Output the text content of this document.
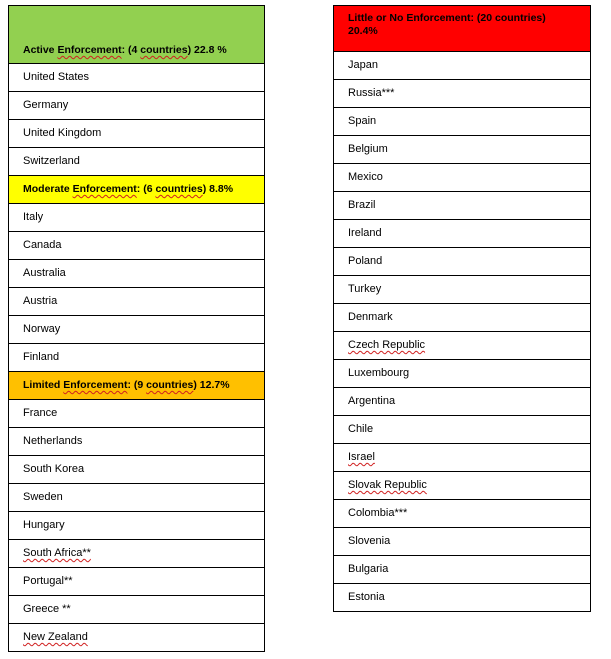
Active Enforcement: (4 countries) 22.8 %
United States
Germany
United Kingdom
Switzerland
Moderate Enforcement: (6 countries) 8.8%
Italy
Canada
Australia
Austria
Norway
Finland
Limited Enforcement: (9 countries) 12.7%
France
Netherlands
South Korea
Sweden
Hungary
South Africa**
Portugal**
Greece **
New Zealand
Little or No Enforcement: (20 countries) 20.4%
Japan
Russia***
Spain
Belgium
Mexico
Brazil
Ireland
Poland
Turkey
Denmark
Czech Republic
Luxembourg
Argentina
Chile
Israel
Slovak Republic
Colombia***
Slovenia
Bulgaria
Estonia
